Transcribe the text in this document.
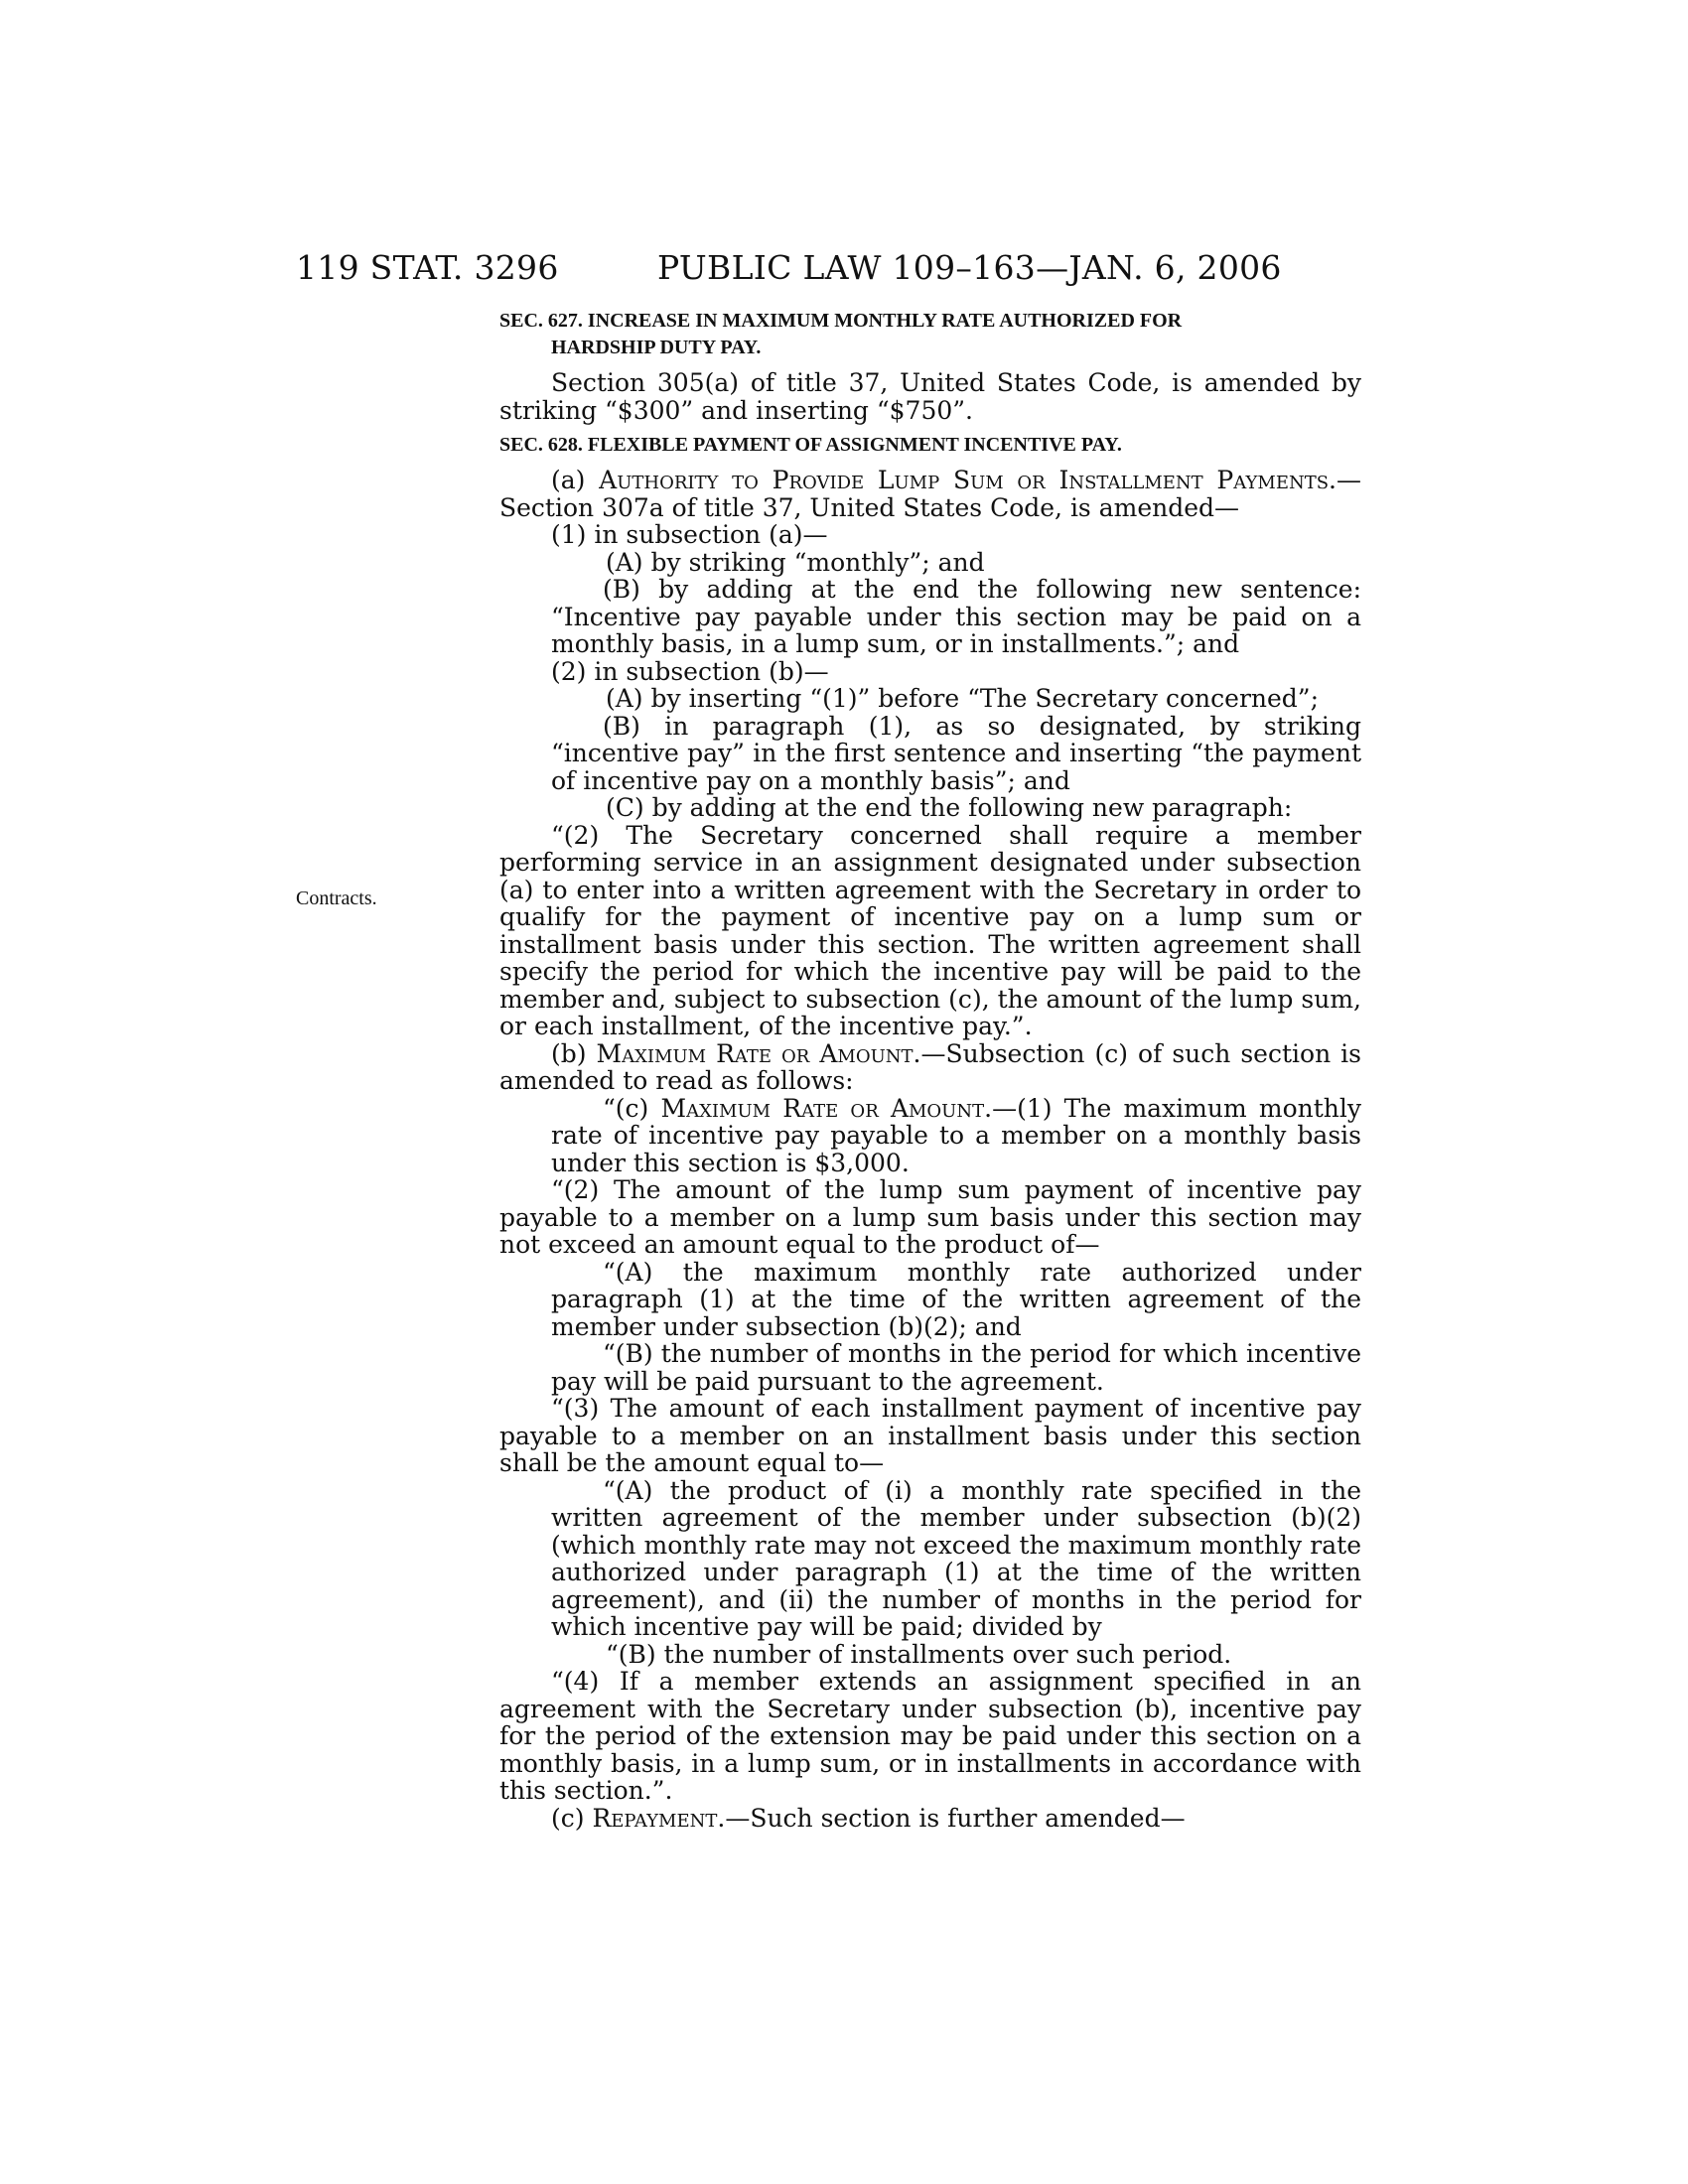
119 STAT. 3296	PUBLIC LAW 109–163—JAN. 6, 2006
Contracts.

SEC. 627. INCREASE IN MAXIMUM MONTHLY RATE AUTHORIZED FOR
HARDSHIP DUTY PAY.

Section 305(a) of title 37, United States Code, is amended by striking “$300” and inserting “$750”.

SEC. 628. FLEXIBLE PAYMENT OF ASSIGNMENT INCENTIVE PAY.

(a) Authority to Provide Lump Sum or Installment Payments.—Section 307a of title 37, United States Code, is amended—

(1) in subsection (a)—

(A) by striking “monthly”; and

(B) by adding at the end the following new sentence: “Incentive pay payable under this section may be paid on a monthly basis, in a lump sum, or in installments.”; and

(2) in subsection (b)—

(A) by inserting “(1)” before “The Secretary concerned”;

(B) in paragraph (1), as so designated, by striking “incentive pay” in the first sentence and inserting “the payment of incentive pay on a monthly basis”; and

(C) by adding at the end the following new paragraph:

“(2) The Secretary concerned shall require a member performing service in an assignment designated under subsection (a) to enter into a written agreement with the Secretary in order to qualify for the payment of incentive pay on a lump sum or installment basis under this section. The written agreement shall specify the period for which the incentive pay will be paid to the member and, subject to subsection (c), the amount of the lump sum, or each installment, of the incentive pay.”.

(b) Maximum Rate or Amount.—Subsection (c) of such section is amended to read as follows:

“(c) Maximum Rate or Amount.—(1) The maximum monthly rate of incentive pay payable to a member on a monthly basis under this section is $3,000.

“(2) The amount of the lump sum payment of incentive pay payable to a member on a lump sum basis under this section may not exceed an amount equal to the product of—

“(A) the maximum monthly rate authorized under paragraph (1) at the time of the written agreement of the member under subsection (b)(2); and

“(B) the number of months in the period for which incentive pay will be paid pursuant to the agreement.

“(3) The amount of each installment payment of incentive pay payable to a member on an installment basis under this section shall be the amount equal to—

“(A) the product of (i) a monthly rate specified in the written agreement of the member under subsection (b)(2) (which monthly rate may not exceed the maximum monthly rate authorized under paragraph (1) at the time of the written agreement), and (ii) the number of months in the period for which incentive pay will be paid; divided by

“(B) the number of installments over such period.

“(4) If a member extends an assignment specified in an agreement with the Secretary under subsection (b), incentive pay for the period of the extension may be paid under this section on a monthly basis, in a lump sum, or in installments in accordance with this section.”.

(c) Repayment.—Such section is further amended—
